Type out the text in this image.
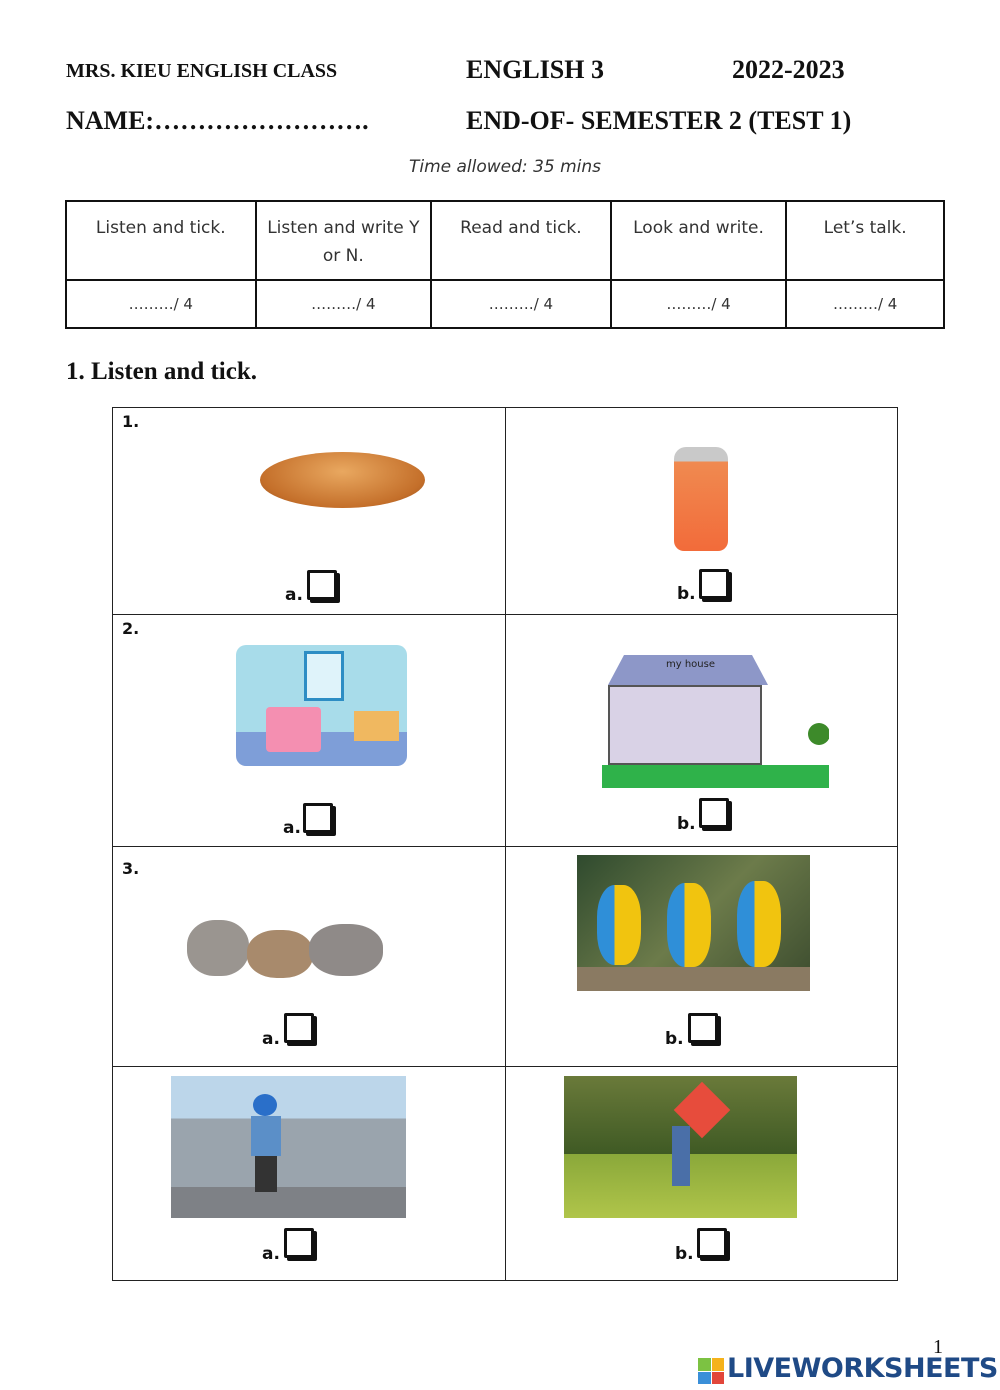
MRS. KIEU ENGLISH CLASS	ENGLISH 3	2022-2023
NAME:…………………….	END-OF- SEMESTER 2 (TEST 1)
Time allowed: 35 mins
Listen and tick.	Listen and write Y or N.	Read and tick.	Look and write.	Let’s talk.
………/ 4	………/ 4	………/ 4	………/ 4	………/ 4
1. Listen and tick.
1.
2.
3.
my house
a.	b.
a.	b.
a.	b.
a.	b.
1
LIVEWORKSHEETS
